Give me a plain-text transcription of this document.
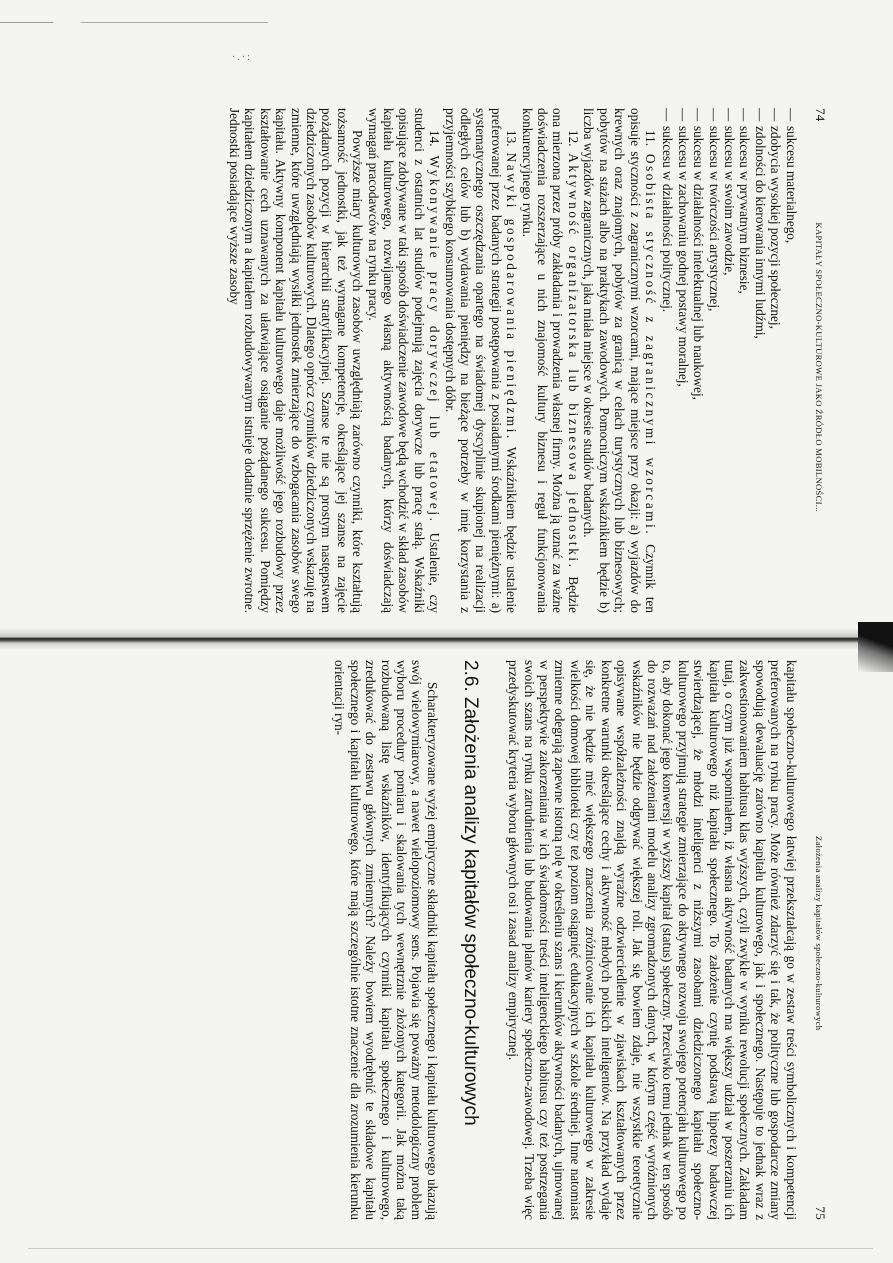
·.·:
74
KAPITAŁY SPOŁECZNO-KULTUROWE JAKO ŹRÓDŁO MOBILNOŚCI...
— sukcesu materialnego,
— zdobycia wysokiej pozycji społecznej,
— zdolności do kierowania innymi ludźmi,
— sukcesu w prywatnym biznesie,
— sukcesu w swoim zawodzie,
— sukcesu w twórczości artystycznej,
— sukcesu w działalności intelektualnej lub naukowej,
— sukcesu w zachowaniu godnej postawy moralnej,
— sukcesu w działalności politycznej.

11. Osobista styczność z zagranicznymi wzorcami. Czynnik ten opisuje styczności z zagranicznymi wzorcami, mające miejsce przy okazji: a) wyjazdów do krewnych oraz znajomych, pobytów za granicą w celach turystycznych lub biznesowych; pobytów na stażach albo na praktykach zawodowych. Pomocniczym wskaźnikiem będzie b) liczba wyjazdów zagranicznych, jaka miała miejsce w okresie studiów badanych.

12. Aktywność organizatorska lub biznesowa jednostki. Będzie ona mierzona przez próby zakładania i prowadzenia własnej firmy. Można ją uznać za ważne doświadczenia rozszerzające u nich znajomość kultury biznesu i reguł funkcjonowania konkurencyjnego rynku.

13. Nawyki gospodarowania pieniędzmi. Wskaźnikiem będzie ustalenie preferowanej przez badanych strategii postępowania z posiadanymi środkami pieniężnymi: a) systematycznego oszczędzania opartego na świadomej dyscyplinie skupionej na realizacji odległych celów lub b) wydawania pieniędzy na bieżące potrzeby w imię korzystania z przyjemności szybkiego konsumowania dostępnych dóbr.

14. Wykonywanie pracy dorywczej lub etatowej. Ustalenie, czy studenci z ostatnich lat studiów podejmują zajęcia dorywcze lub pracę stałą. Wskaźniki opisujące zdobywane w taki sposób doświadczenie zawodowe będą wchodzić w skład zasobów kapitału kulturowego, rozwijanego własną aktywnością badanych, którzy doświadczają wymagań pracodawców na rynku pracy.

Powyższe miary kulturowych zasobów uwzględniają zarówno czynniki, które kształtują tożsamość jednostki, jak też wymagane kompetencje, określające jej szanse na zajęcie pożądanych pozycji w hierarchii stratyfikacyjnej. Szanse te nie są prostym następstwem dziedziczonych zasobów kulturowych. Dlatego oprócz czynników dziedziczonych wskazuję na zmienne, które uwzględniają wysiłki jednostek zmierzające do wzbogacania zasobów swego kapitału. Aktywny komponent kapitału kulturowego daje możliwość jego rozbudowy przez kształtowanie cech uznawanych za ułatwiające osiąganie pożądanego sukcesu. Pomiędzy kapitałem dziedziczonym a kapitałem rozbudowywanym istnieje dodatnie sprzężenie zwrotne. Jednostki posiadające wyższe zasoby

Założenia analizy kapitałów społeczno-kulturowych
75

kapitału społeczno-kulturowego łatwiej przekształcają go w zestaw treści symbolicznych i kompetencji preferowanych na rynku pracy. Może również zdarzyć się i tak, że polityczne lub gospodarcze zmiany spowodują dewaluację zarówno kapitału kulturowego, jak i społecznego. Następuje to jednak wraz z zakwestionowaniem habitusu klas wyższych, czyli zwykle w wyniku rewolucji społecznych. Zakładam tutaj, o czym już wspominałem, iż własna aktywność badanych ma większy udział w poszerzaniu ich kapitału kulturowego niż kapitału społecznego. To założenie czynię podstawą hipotezy badawczej stwierdzającej, że młodzi inteligenci z niższymi zasobami dziedziczonego kapitału społeczno-kulturowego przyjmują strategie zmierzające do aktywnego rozwoju swojego potencjału kulturowego po to, aby dokonać jego konwersji w wyższy kapitał (status) społeczny. Przeciwko temu jednak w ten sposób do rozważań nad założeniami modelu analizy zgromadzonych danych, w którym część wyróżnionych wskaźników nie będzie odgrywać większej roli. Jak się bowiem zdaje, nie wszystkie teoretycznie opisywane współzależności znajdą wyraźne odzwierciedlenie w zjawiskach kształtowanych przez konkretne warunki określające cechy i aktywność młodych polskich inteligentów. Na przykład wydaje się, że nie będzie mieć większego znaczenia zróżnicowanie ich kapitału kulturowego w zakresie wielkości domowej biblioteki czy też poziom osiągnięć edukacyjnych w szkole średniej. Inne natomiast zmienne odegrają zapewne istotną rolę w określeniu szans i kierunków aktywności badanych, ujmowanej w perspektywie zakorzeniania w ich świadomości treści inteligenckiego habitusu czy też postrzegania swoich szans na rynku zatrudnienia lub budowania planów kariery społeczno-zawodowej. Trzeba więc przedyskutować kryteria wyboru głównych osi i zasad analizy empirycznej.

2.6. Założenia analizy kapitałów społeczno-kulturowych

Scharakteryzowane wyżej empiryczne składniki kapitału społecznego i kapitału kulturowego ukazują swój wielowymiarowy, a nawet wielopoziomowy sens. Pojawia się poważny metodologiczny problem wyboru procedury pomiaru i skalowania tych wewnętrznie złożonych kategorii. Jak można taką rozbudowaną listę wskaźników, identyfikujących czynniki kapitału społecznego i kulturowego, zredukować do zestawu głównych zmiennych? Należy bowiem wyodrębnić te składowe kapitału społecznego i kapitału kulturowego, które mają szczególnie istotne znaczenie dla zrozumienia kierunku orientacji ryn-
